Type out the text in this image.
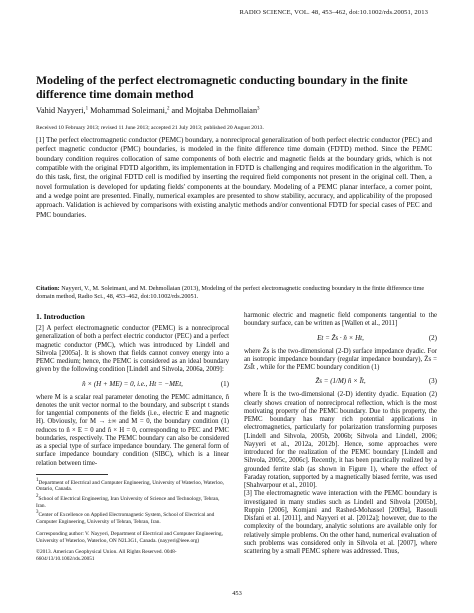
RADIO SCIENCE, VOL. 48, 453–462, doi:10.1002/rds.20051, 2013
Modeling of the perfect electromagnetic conducting boundary in the finite difference time domain method
Vahid Nayyeri,$^1$ Mohammad Soleimani,$^2$ and Mojtaba Dehmollaian$^3$
Received 10 February 2013; revised 11 June 2013; accepted 21 July 2013; published 20 August 2013.
[1] The perfect electromagnetic conductor (PEMC) boundary, a nonreciprocal generalization of both perfect electric conductor (PEC) and perfect magnetic conductor (PMC) boundaries, is modeled in the finite difference time domain (FDTD) method. Since the PEMC boundary condition requires collocation of same components of both electric and magnetic fields at the boundary grids, which is not compatible with the original FDTD algorithm, its implementation in FDTD is challenging and requires modification in the algorithm. To do this task, first, the original FDTD cell is modified by inserting the required field components not present in the original cell. Then, a novel formulation is developed for updating fields' components at the boundary. Modeling of a PEMC planar interface, a corner point, and a wedge point are presented. Finally, numerical examples are presented to show stability, accuracy, and applicability of the proposed approach. Validation is achieved by comparisons with existing analytic methods and/or conventional FDTD for special cases of PEC and PMC boundaries.
Citation: Nayyeri, V., M. Soleimani, and M. Dehmollaian (2013), Modeling of the perfect electromagnetic conducting boundary in the finite difference time domain method, Radio Sci., 48, 453–462, doi:10.1002/rds.20051.
1. Introduction

[2] A perfect electromagnetic conductor (PEMC) is a nonreciprocal generalization of both a perfect electric conductor (PEC) and a perfect magnetic conductor (PMC), which was introduced by Lindell and Sihvola [2005a]. It is shown that fields cannot convey energy into a PEMC medium; hence, the PEMC is considered as an ideal boundary given by the following condition [Lindell and Sihvola, 2006a, 2009]:

n̂ × (H + ME) = 0, i.e., Ht = −MEt,	(1)

where M is a scalar real parameter denoting the PEMC admittance, n̂ denotes the unit vector normal to the boundary, and subscript t stands for tangential components of the fields (i.e., electric E and magnetic H). Obviously, for M → ±∞ and M = 0, the boundary condition (1) reduces to n̂ × E = 0 and n̂ × H = 0, corresponding to PEC and PMC boundaries, respectively. The PEMC boundary can also be considered as a special type of surface impedance boundary. The general form of surface impedance boundary condition (SIBC), which is a linear relation between time-

$^1$Department of Electrical and Computer Engineering, University of Waterloo, Waterloo, Ontario, Canada.

$^2$School of Electrical Engineering, Iran University of Science and Technology, Tehran, Iran.

$^3$Center of Excellence on Applied Electromagnetic System, School of Electrical and Computer Engineering, University of Tehran, Tehran, Iran.

Corresponding author: V. Nayyeri, Department of Electrical and Computer Engineering, University of Waterloo, Waterloo, ON N2L3G1, Canada. (nayyeri@ieee.org)

©2013. American Geophysical Union. All Rights Reserved. 0048-6604/13/10.1002/rds.20051

harmonic electric and magnetic field components tangential to the boundary surface, can be written as [Wallen et al., 2011]

Et = Z̄s · n̂ × Ht,	(2)

where Z̄s is the two-dimensional (2-D) surface impedance dyadic. For an isotropic impedance boundary (regular impedance boundary), Z̄s = ZsĪt , while for the PEMC boundary condition (1)

Z̄s = (1/M) n̂ × Īt,	(3)

where Īt is the two-dimensional (2-D) identity dyadic. Equation (2) clearly shows creation of nonreciprocal reflection, which is the most motivating property of the PEMC boundary. Due to this property, the PEMC boundary has many rich potential applications in electromagnetics, particularly for polarization transforming purposes [Lindell and Sihvola, 2005b, 2006b; Sihvola and Lindell, 2006; Nayyeri et al., 2012a, 2012b]. Hence, some approaches were introduced for the realization of the PEMC boundary [Lindell and Sihvola, 2005c, 2006c]. Recently, it has been practically realized by a grounded ferrite slab (as shown in Figure 1), where the effect of Faraday rotation, supported by a magnetically biased ferrite, was used [Shahvarpour et al., 2010].

[3] The electromagnetic wave interaction with the PEMC boundary is investigated in many studies such as Lindell and Sihvola [2005b], Ruppin [2006], Komjani and Rashed-Mohassel [2009a], Rasouli Disfani et al. [2011], and Nayyeri et al. [2012a]; however, due to the complexity of the boundary, analytic solutions are available only for relatively simple problems. On the other hand, numerical evaluation of such problems was considered only in Sihvola et al. [2007], where scattering by a small PEMC sphere was addressed. Thus,

453
